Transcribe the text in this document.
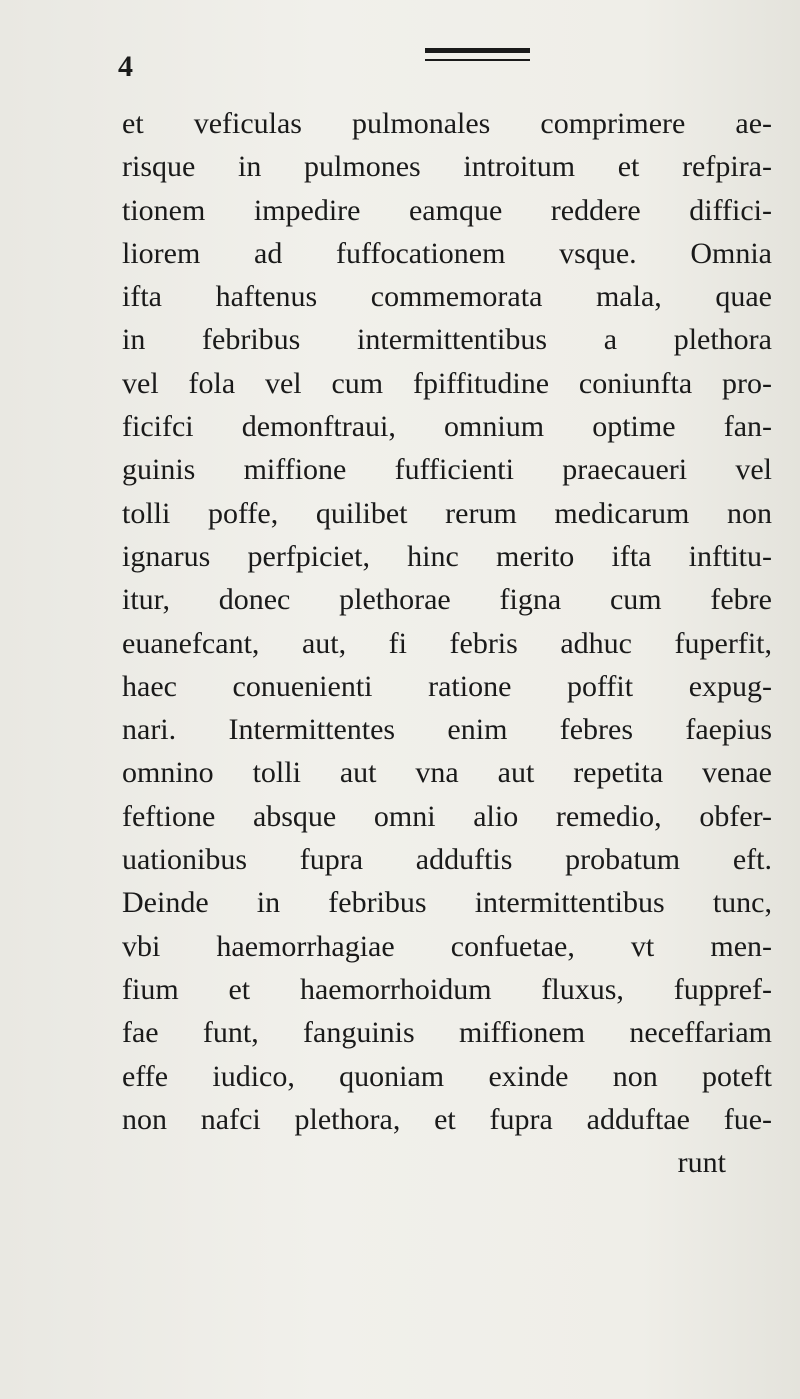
4
et veficulas pulmonales comprimere ae-
risque in pulmones introitum et refpira-
tionem impedire eamque reddere diffici-
liorem ad fuffocationem vsque. Omnia
ifta haftenus commemorata mala, quae
in febribus intermittentibus a plethora
vel fola vel cum fpiffitudine coniunfta pro-
ficifci demonftraui, omnium optime fan-
guinis miffione fufficienti praecaueri vel
tolli poffe, quilibet rerum medicarum non
ignarus perfpiciet, hinc merito ifta inftitu-
itur, donec plethorae figna cum febre
euanefcant, aut, fi febris adhuc fuperfit,
haec conuenienti ratione poffit expug-
nari. Intermittentes enim febres faepius
omnino tolli aut vna aut repetita venae
feftione absque omni alio remedio, obfer-
uationibus fupra adduftis probatum eft.
Deinde in febribus intermittentibus tunc,
vbi haemorrhagiae confuetae, vt men-
fium et haemorrhoidum fluxus, fuppref-
fae funt, fanguinis miffionem neceffariam
effe iudico, quoniam exinde non poteft
non nafci plethora, et fupra adduftae fue-
runt
